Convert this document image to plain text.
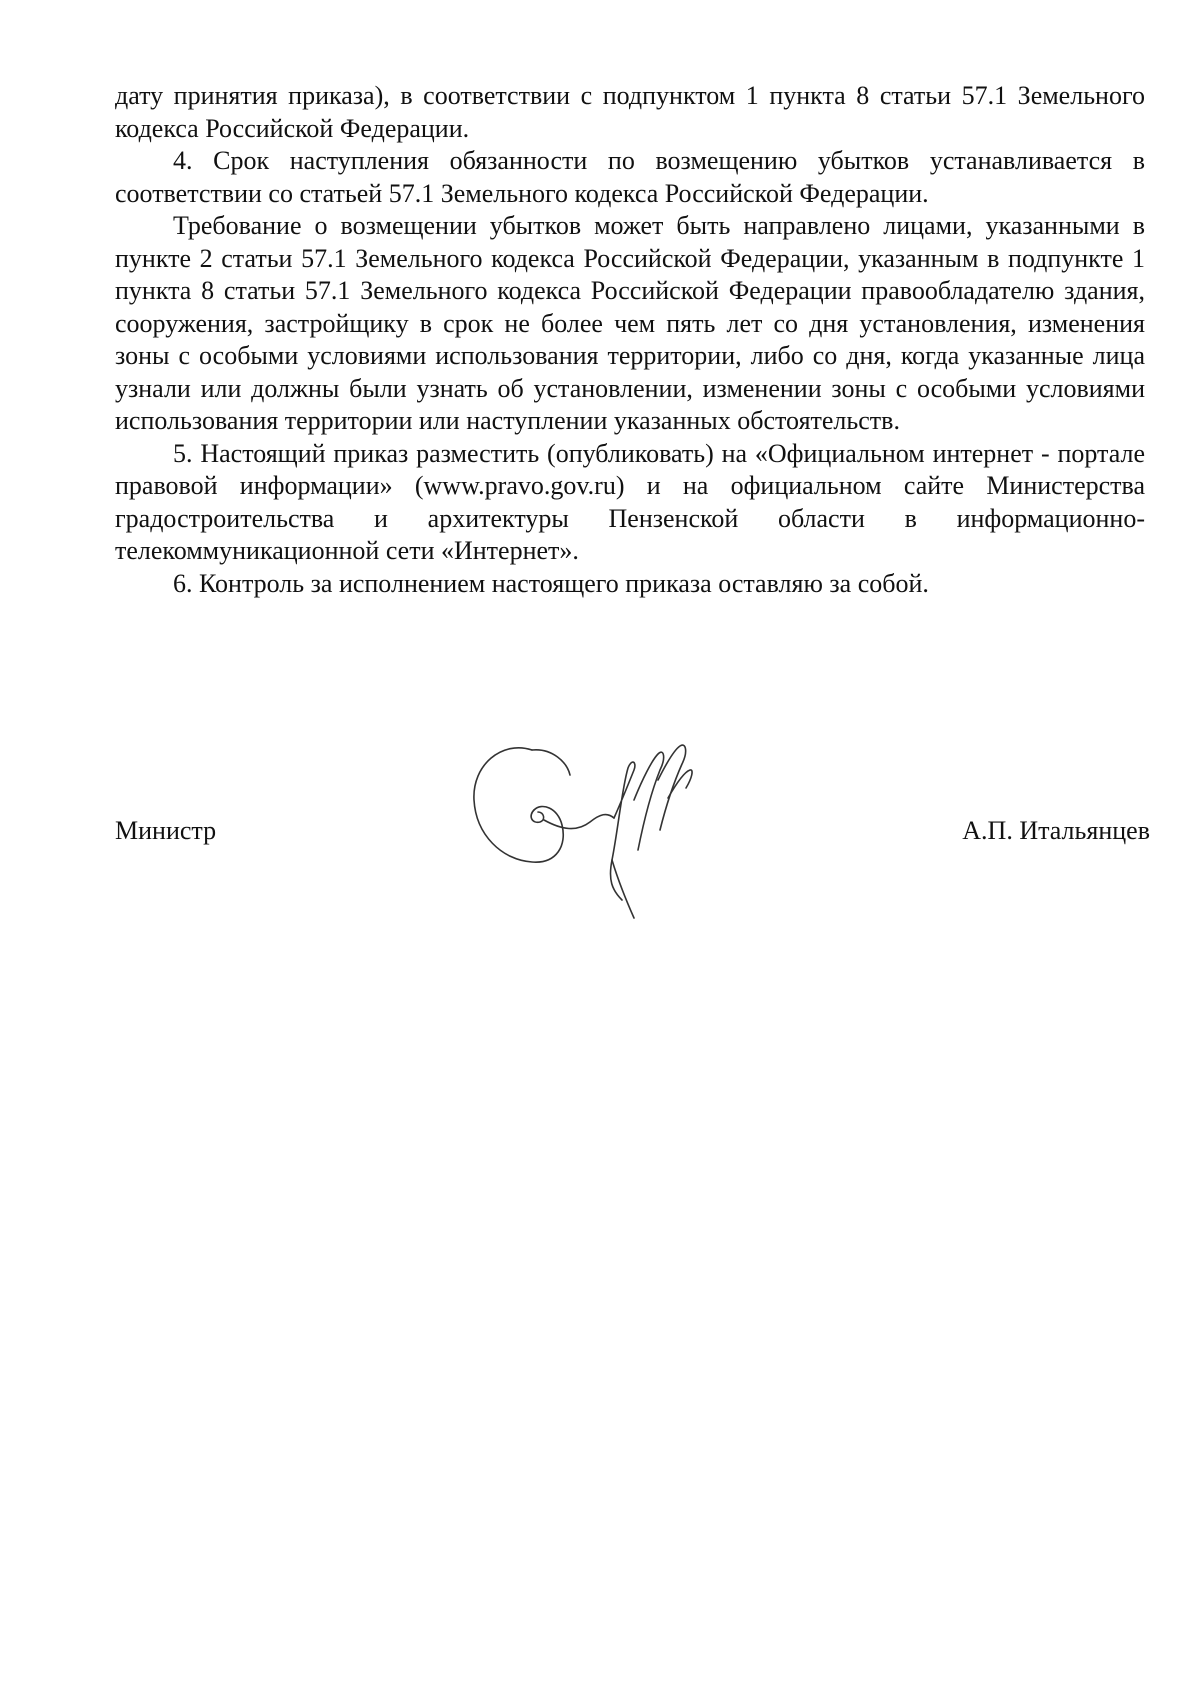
дату принятия приказа), в соответствии с подпунктом 1 пункта 8 статьи 57.1 Земельного кодекса Российской Федерации.

4. Срок наступления обязанности по возмещению убытков устанавливается в соответствии со статьей 57.1 Земельного кодекса Российской Федерации.

Требование о возмещении убытков может быть направлено лицами, указанными в пункте 2 статьи 57.1 Земельного кодекса Российской Федерации, указанным в подпункте 1 пункта 8 статьи 57.1 Земельного кодекса Российской Федерации правообладателю здания, сооружения, застройщику в срок не более чем пять лет со дня установления, изменения зоны с особыми условиями использования территории, либо со дня, когда указанные лица узнали или должны были узнать об установлении, изменении зоны с особыми условиями использования территории или наступлении указанных обстоятельств.

5. Настоящий приказ разместить (опубликовать) на «Официальном интернет - портале правовой информации» (www.pravo.gov.ru) и на официальном сайте Министерства градостроительства и архитектуры Пензенской области в информационно-телекоммуникационной сети «Интернет».

6. Контроль за исполнением настоящего приказа оставляю за собой.

Министр	А.П. Итальянцев
